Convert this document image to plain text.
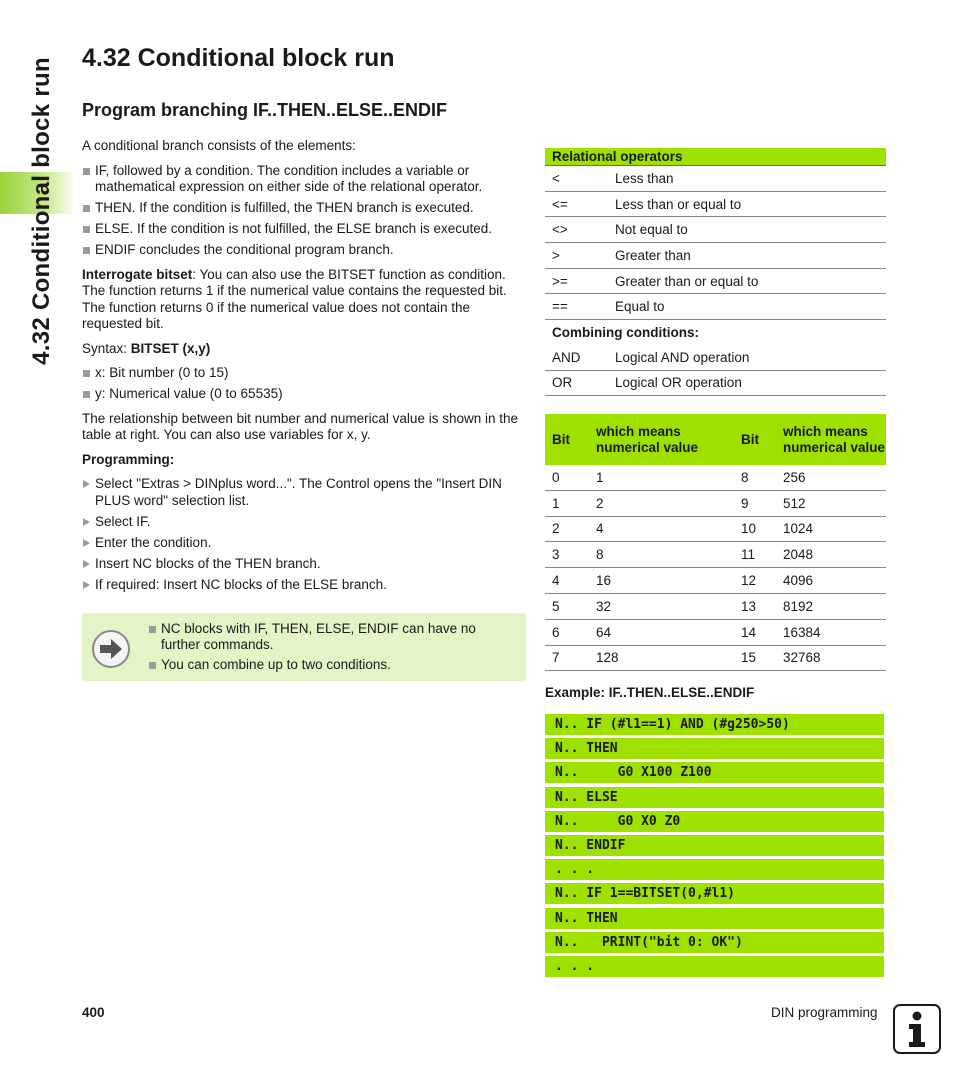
4.32 Conditional block run 4.32 Conditional block run
Program branching IF..THEN..ELSE..ENDIF

A conditional branch consists of the elements:

IF, followed by a condition. The condition includes a variable or mathematical expression on either side of the relational operator.
THEN. If the condition is fulfilled, the THEN branch is executed.
ELSE. If the condition is not fulfilled, the ELSE branch is executed.
ENDIF concludes the conditional program branch.

Interrogate bitset: You can also use the BITSET function as condition. The function returns 1 if the numerical value contains the requested bit. The function returns 0 if the numerical value does not contain the requested bit.

Syntax: BITSET (x,y)

x: Bit number (0 to 15)
y: Numerical value (0 to 65535)

The relationship between bit number and numerical value is shown in the table at right. You can also use variables for x, y.

Programming:

Select "Extras > DINplus word...". The Control opens the "Insert DIN PLUS word" selection list.
Select IF.
Enter the condition.
Insert NC blocks of the THEN branch.
If required: Insert NC blocks of the ELSE branch.
NC blocks with IF, THEN, ELSE, ENDIF can have no further commands.
You can combine up to two conditions.
Relational operators	
<	Less than
<=	Less than or equal to
<>	Not equal to
>	Greater than
>=	Greater than or equal to
==	Equal to
Combining conditions:	
AND	Logical AND operation
OR	Logical OR operation
Bit	which means numerical value	Bit	which means numerical value
0	1	8	256
1	2	9	512
2	4	10	1024
3	8	11	2048
4	16	12	4096
5	32	13	8192
6	64	14	16384
7	128	15	32768

Example: IF..THEN..ELSE..ENDIF

N.. IF (#l1==1) AND (#g250>50)
N.. THEN
N..     G0 X100 Z100
N.. ELSE
N..     G0 X0 Z0
N.. ENDIF
. . .
N.. IF 1==BITSET(0,#l1)
N.. THEN
N..   PRINT("bit 0: OK")
. . .
400	DIN programming
